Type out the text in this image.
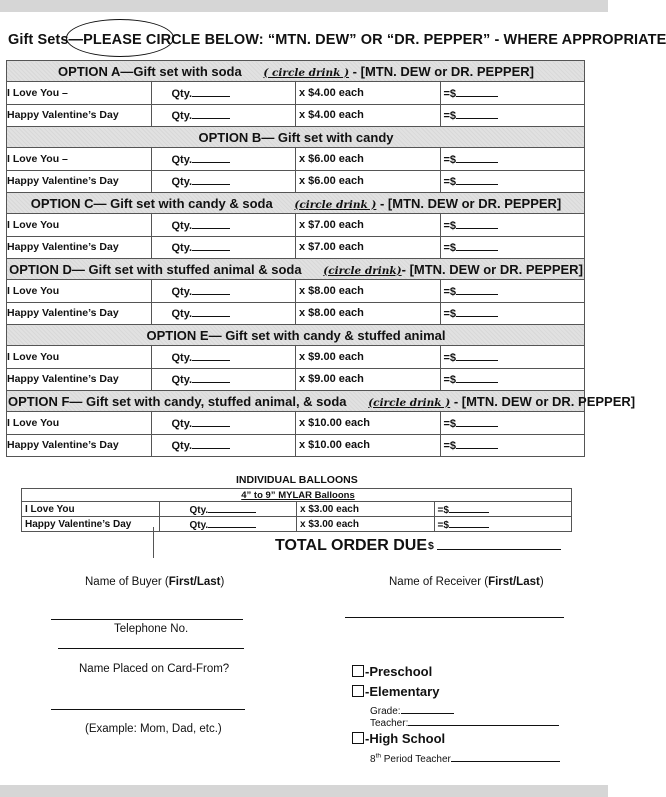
Gift Sets—PLEASE CIRCLE BELOW: “MTN. DEW” OR “DR. PEPPER” - WHERE APPROPRIATE
OPTION A—Gift set with soda ( circle drink ) - [MTN. DEW or DR. PEPPER]			
I Love You –	Qty.	x $4.00 each	=$
Happy Valentine’s Day	Qty.	x $4.00 each	=$
OPTION B— Gift set with candy			
I Love You –	Qty.	x $6.00 each	=$
Happy Valentine’s Day	Qty.	x $6.00 each	=$
OPTION C— Gift set with candy & soda (circle drink ) - [MTN. DEW or DR. PEPPER]			
I Love You	Qty.	x $7.00 each	=$
Happy Valentine’s Day	Qty.	x $7.00 each	=$
OPTION D— Gift set with stuffed animal & soda (circle drink)- [MTN. DEW or DR. PEPPER]			
I Love You	Qty.	x $8.00 each	=$
Happy Valentine’s Day	Qty.	x $8.00 each	=$
OPTION E— Gift set with candy & stuffed animal			
I Love You	Qty.	x $9.00 each	=$
Happy Valentine’s Day	Qty.	x $9.00 each	=$
OPTION F— Gift set with candy, stuffed animal, & soda (circle drink ) - [MTN. DEW or DR. PEPPER]			
I Love You	Qty.	x $10.00 each	=$
Happy Valentine’s Day	Qty.	x $10.00 each	=$
INDIVIDUAL BALLOONS
4” to 9” MYLAR Balloons			
I Love You	Qty.	x $3.00 each	=$
Happy Valentine’s Day	Qty.	x $3.00 each	=$
TOTAL ORDER DUE $
Name of Buyer (First/Last)	Name of Receiver (First/Last)
Telephone No.
Name Placed on Card-From?
(Example: Mom, Dad, etc.)
-Preschool
-Elementary
Grade:
Teacher:
-High School
8th Period Teacher
